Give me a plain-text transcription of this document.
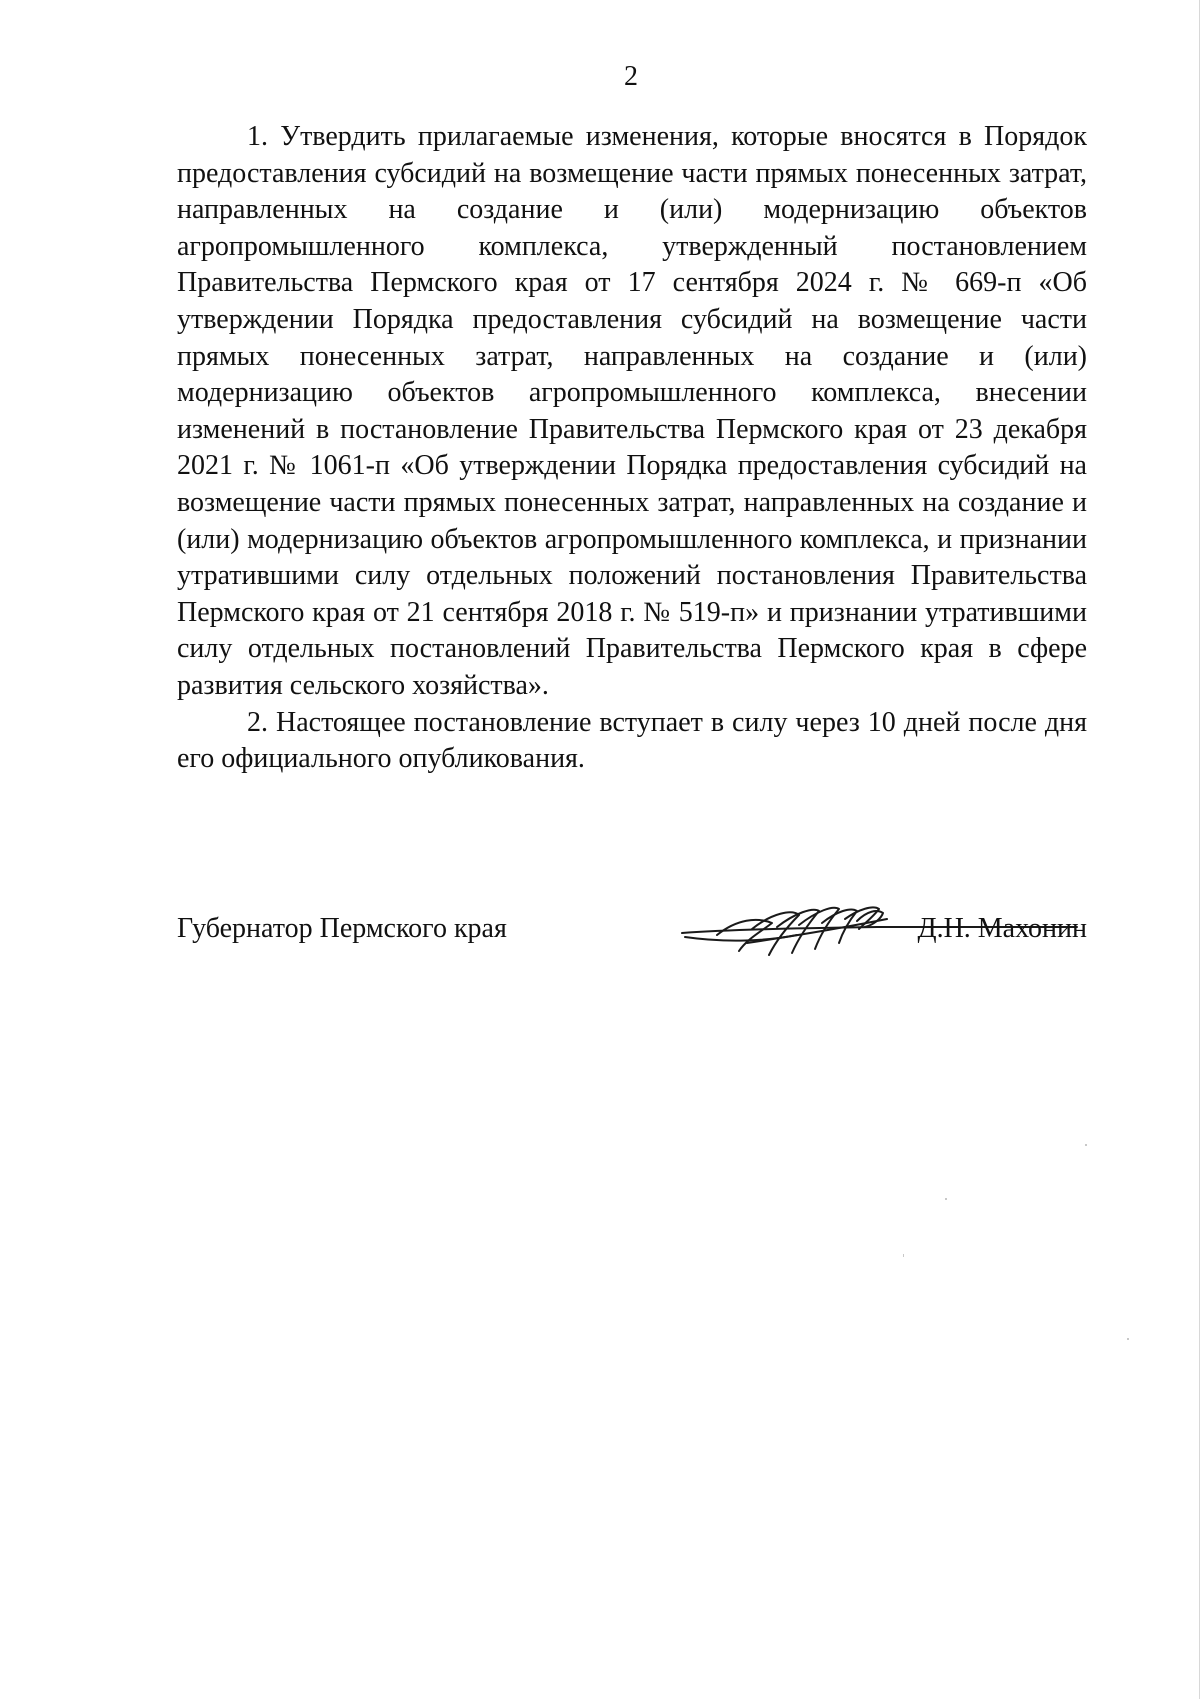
2

1. Утвердить прилагаемые изменения, которые вносятся в Порядок предоставления субсидий на возмещение части прямых понесенных затрат, направленных на создание и (или) модернизацию объектов агропромышленного комплекса, утвержденный постановлением Правительства Пермского края от 17 сентября 2024 г. № 669-п «Об утверждении Порядка предоставления субсидий на возмещение части прямых понесенных затрат, направленных на создание и (или) модернизацию объектов агропромышленного комплекса, внесении изменений в постановление Правительства Пермского края от 23 декабря 2021 г. № 1061-п «Об утверждении Порядка предоставления субсидий на возмещение части прямых понесенных затрат, направленных на создание и (или) модернизацию объектов агропромышленного комплекса, и признании утратившими силу отдельных положений постановления Правительства Пермского края от 21 сентября 2018 г. № 519-п» и признании утратившими силу отдельных постановлений Правительства Пермского края в сфере развития сельского хозяйства».

2. Настоящее постановление вступает в силу через 10 дней после дня его официального опубликования.

Губернатор Пермского края	Д.Н. Махонин
